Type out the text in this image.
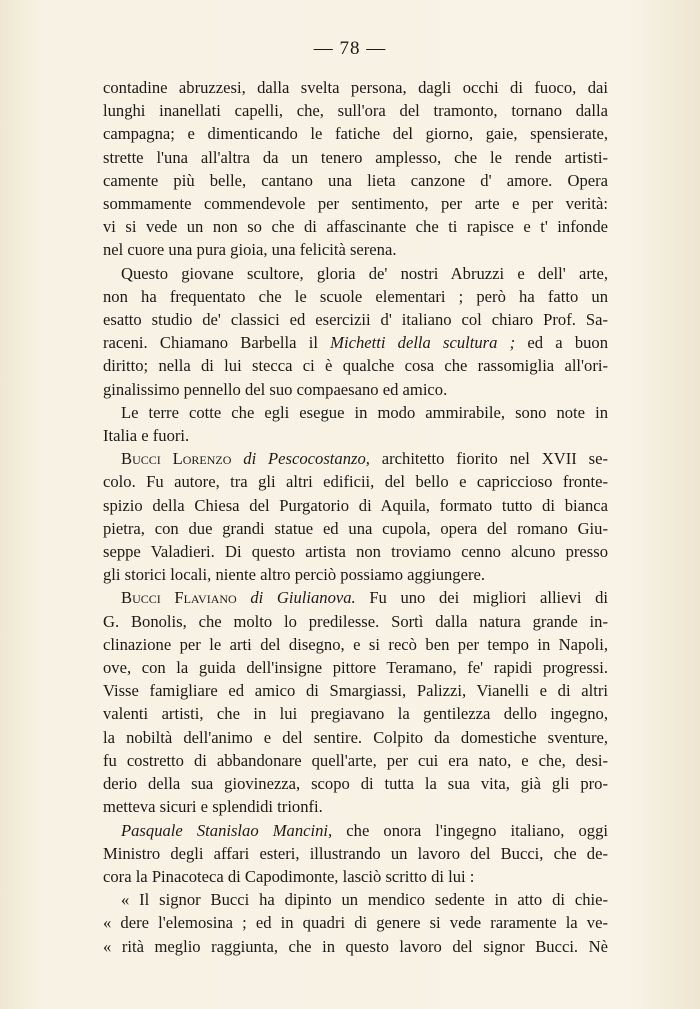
— 78 —
contadine abruzzesi, dalla svelta persona, dagli occhi di fuoco, dai
lunghi inanellati capelli, che, sull'ora del tramonto, tornano dalla
campagna; e dimenticando le fatiche del giorno, gaie, spensierate,
strette l'una all'altra da un tenero amplesso, che le rende artisti-
camente più belle, cantano una lieta canzone d' amore. Opera
sommamente commendevole per sentimento, per arte e per verità:
vi si vede un non so che di affascinante che ti rapisce e t' infonde
nel cuore una pura gioia, una felicità serena.
Questo giovane scultore, gloria de' nostri Abruzzi e dell' arte,
non ha frequentato che le scuole elementari ; però ha fatto un
esatto studio de' classici ed esercizii d' italiano col chiaro Prof. Sa-
raceni. Chiamano Barbella il Michetti della scultura ; ed a buon
diritto; nella di lui stecca ci è qualche cosa che rassomiglia all'ori-
ginalissimo pennello del suo compaesano ed amico.
Le terre cotte che egli esegue in modo ammirabile, sono note in
Italia e fuori.
Bucci Lorenzo di Pescocostanzo, architetto fiorito nel XVII se-
colo. Fu autore, tra gli altri edificii, del bello e capriccioso fronte-
spizio della Chiesa del Purgatorio di Aquila, formato tutto di bianca
pietra, con due grandi statue ed una cupola, opera del romano Giu-
seppe Valadieri. Di questo artista non troviamo cenno alcuno presso
gli storici locali, niente altro perciò possiamo aggiungere.
Bucci Flaviano di Giulianova. Fu uno dei migliori allievi di
G. Bonolis, che molto lo predilesse. Sortì dalla natura grande in-
clinazione per le arti del disegno, e si recò ben per tempo in Napoli,
ove, con la guida dell'insigne pittore Teramano, fe' rapidi progressi.
Visse famigliare ed amico di Smargiassi, Palizzi, Vianelli e di altri
valenti artisti, che in lui pregiavano la gentilezza dello ingegno,
la nobiltà dell'animo e del sentire. Colpito da domestiche sventure,
fu costretto di abbandonare quell'arte, per cui era nato, e che, desi-
derio della sua giovinezza, scopo di tutta la sua vita, già gli pro-
metteva sicuri e splendidi trionfi.
Pasquale Stanislao Mancini, che onora l'ingegno italiano, oggi
Ministro degli affari esteri, illustrando un lavoro del Bucci, che de-
cora la Pinacoteca di Capodimonte, lasciò scritto di lui :
« Il signor Bucci ha dipinto un mendico sedente in atto di chie-
« dere l'elemosina ; ed in quadri di genere si vede raramente la ve-
« rità meglio raggiunta, che in questo lavoro del signor Bucci. Nè
